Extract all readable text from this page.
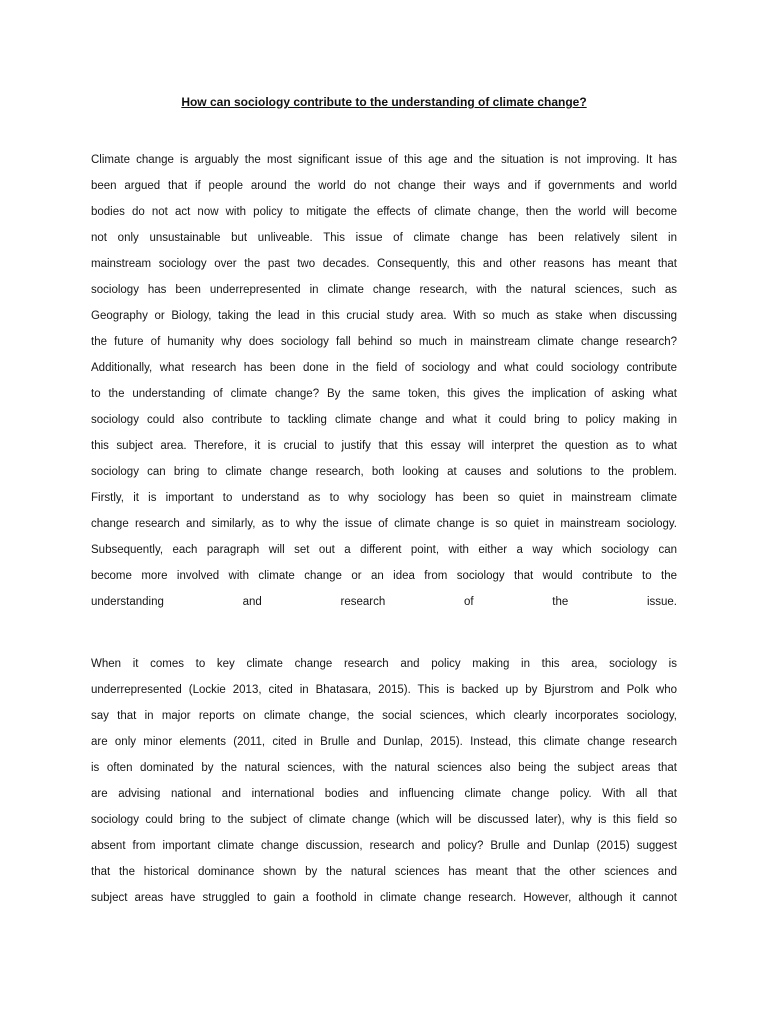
How can sociology contribute to the understanding of climate change?

Climate change is arguably the most significant issue of this age and the situation is not improving. It has
been argued that if people around the world do not change their ways and if governments and world
bodies do not act now with policy to mitigate the effects of climate change, then the world will become
not only unsustainable but unliveable. This issue of climate change has been relatively silent in
mainstream sociology over the past two decades. Consequently, this and other reasons has meant that
sociology has been underrepresented in climate change research, with the natural sciences, such as
Geography or Biology, taking the lead in this crucial study area. With so much as stake when discussing
the future of humanity why does sociology fall behind so much in mainstream climate change research?
Additionally, what research has been done in the field of sociology and what could sociology contribute
to the understanding of climate change? By the same token, this gives the implication of asking what
sociology could also contribute to tackling climate change and what it could bring to policy making in
this subject area. Therefore, it is crucial to justify that this essay will interpret the question as to what
sociology can bring to climate change research, both looking at causes and solutions to the problem.
Firstly, it is important to understand as to why sociology has been so quiet in mainstream climate
change research and similarly, as to why the issue of climate change is so quiet in mainstream sociology.
Subsequently, each paragraph will set out a different point, with either a way which sociology can
become more involved with climate change or an idea from sociology that would contribute to the
understanding and research of the issue.

When it comes to key climate change research and policy making in this area, sociology is
underrepresented (Lockie 2013, cited in Bhatasara, 2015). This is backed up by Bjurstrom and Polk who
say that in major reports on climate change, the social sciences, which clearly incorporates sociology,
are only minor elements (2011, cited in Brulle and Dunlap, 2015). Instead, this climate change research
is often dominated by the natural sciences, with the natural sciences also being the subject areas that
are advising national and international bodies and influencing climate change policy. With all that
sociology could bring to the subject of climate change (which will be discussed later), why is this field so
absent from important climate change discussion, research and policy? Brulle and Dunlap (2015) suggest
that the historical dominance shown by the natural sciences has meant that the other sciences and
subject areas have struggled to gain a foothold in climate change research. However, although it cannot
